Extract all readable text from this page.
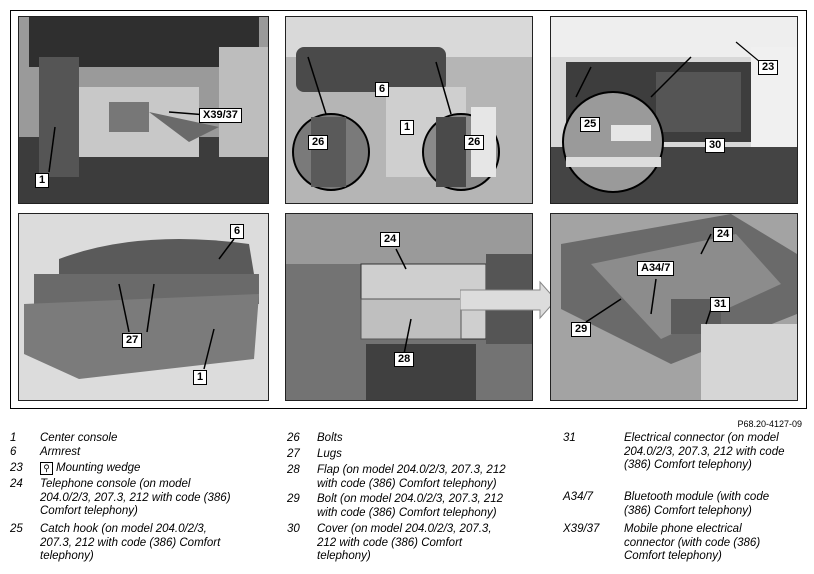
X39/37
1
6
1
26	26
23
25
30
6
27
1
24
28
24
A34/7
31
29
P68.20-4127-09
1	Center console
6	Armrest
23	⚲ Mounting wedge
24	Telephone console (on model
204.0/2/3, 207.3, 212 with code (386)
Comfort telephony)
25	Catch hook (on model 204.0/2/3,
207.3, 212 with code (386) Comfort
telephony)
26	Bolts
27	Lugs
28	Flap (on model 204.0/2/3, 207.3, 212
with code (386) Comfort telephony)
29	Bolt (on model 204.0/2/3, 207.3, 212
with code (386) Comfort telephony)
30	Cover (on model 204.0/2/3, 207.3,
212 with code (386) Comfort
telephony)
31	Electrical connector (on model
204.0/2/3, 207.3, 212 with code
(386) Comfort telephony)
A34/7	Bluetooth module (with code
(386) Comfort telephony)
X39/37	Mobile phone electrical
connector (with code (386)
Comfort telephony)
